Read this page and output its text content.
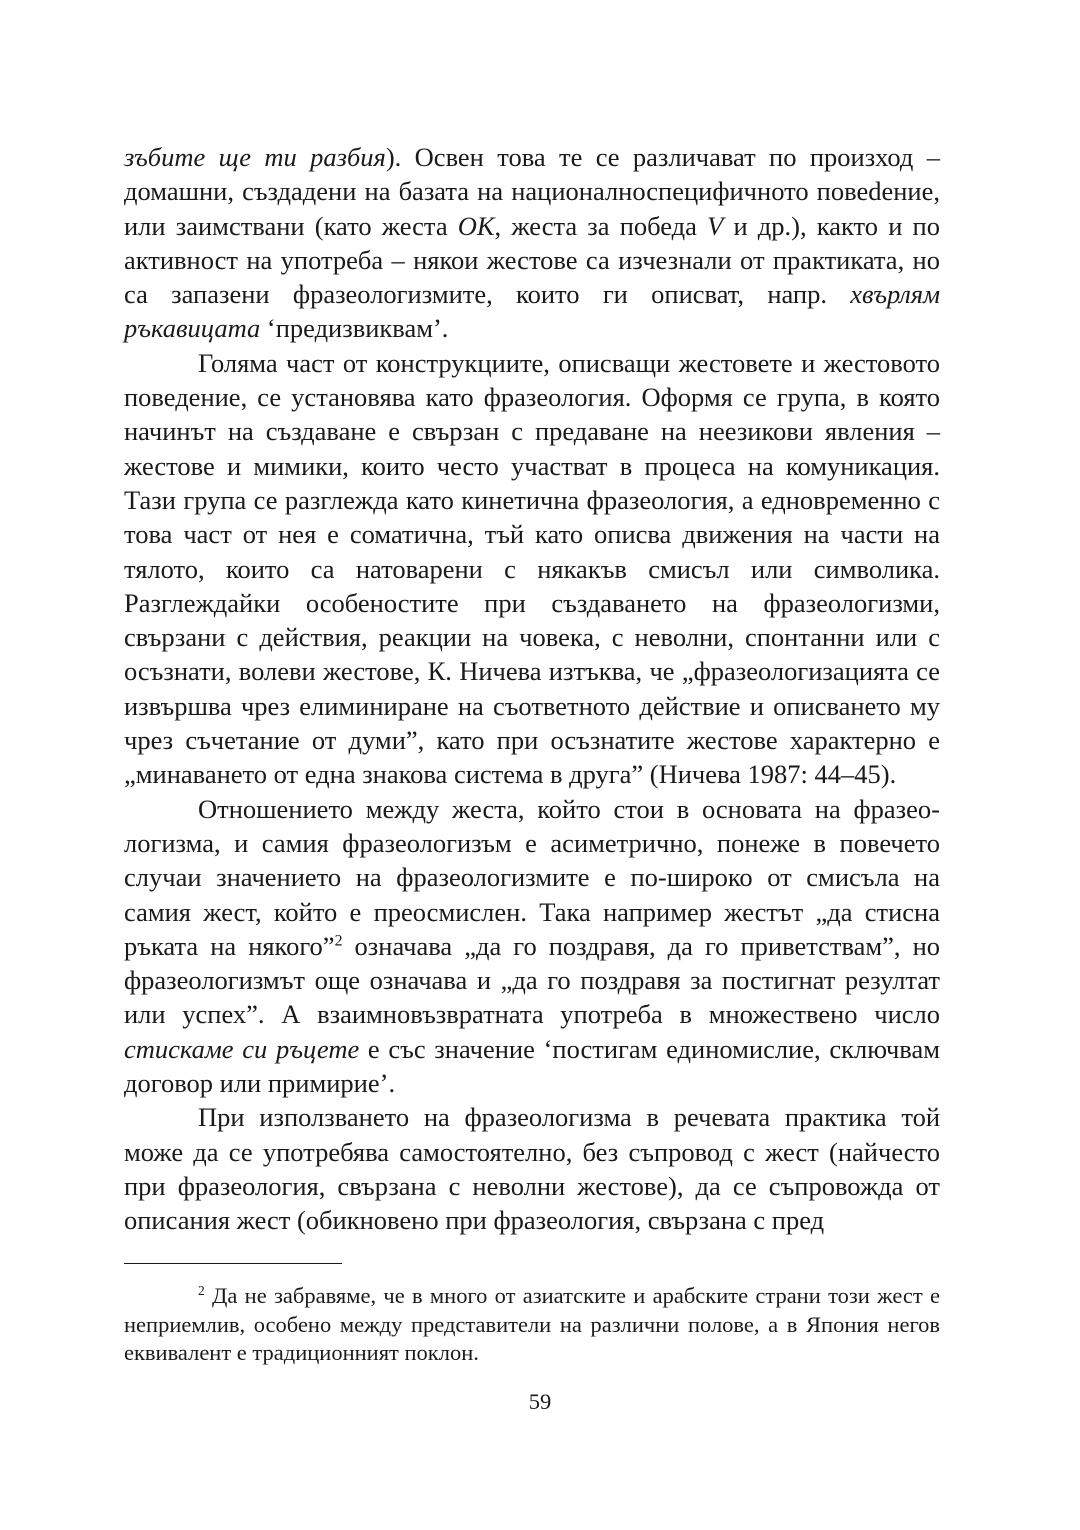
зъбите ще ти разбия). Освен това те се различават по произход – домашни, създадени на базата на националноспецифичното повеdение, или заимствани (като жеста ОК, жеста за победа V и др.), както и по активност на употреба – някои жестове са изчезнали от практиката, но са запазени фразеологизмите, които ги описват, напр. хвърлям ръкавицата ‘предизвиквам’.

Голяма част от конструкциите, описващи жестовете и жестовото поведение, се установява като фразеология. Оформя се група, в която начинът на създаване е свързан с предаване на неезикови явления – жестове и мимики, които често участват в процеса на комуникация. Тази група се разглежда като кинетична фразеология, а едновременно с това част от нея е соматична, тъй като описва движения на части на тялото, които са натоварени с някакъв смисъл или символика. Разглеждайки особеностите при създаването на фразеологизми, свързани с действия, реакции на човека, с неволни, спонтанни или с осъзнати, волеви жестове, К. Ничева изтъква, че „фразеологизацията се извършва чрез елиминиране на съответното действие и описването му чрез съчетание от думи”, като при осъзнатите жестове характерно е „минаването от една знакова система в друга” (Ничева 1987: 44–45).

Отношението между жеста, който стои в основата на фразеологизма, и самия фразеологизъм е асиметрично, понеже в повечето случаи значението на фразеологизмите е по-широко от смисъла на самия жест, който е преосмислен. Така например жестът „да стисна ръката на някого”$^2$ означава „да го поздравя, да го приветствам”, но фразеологизмът още означава и „да го поздравя за постигнат резултат или успех”. А взаимновъзвратната употреба в множествено число стискаме си ръцете е със значение ‘постигам единомислие, сключвам договор или примирие’.

При използването на фразеологизма в речевата практика той може да се употребява самостоятелно, без съпровод с жест (найчесто при фразеология, свързана с неволни жестове), да се съпровожда от описания жест (обикновено при фразеология, свързана с пред

$^2$ Да не забравяме, че в много от азиатските и арабските страни този жест е неприемлив, особено между представители на различни полове, а в Япония негов еквивалент е традиционният поклон.

59
